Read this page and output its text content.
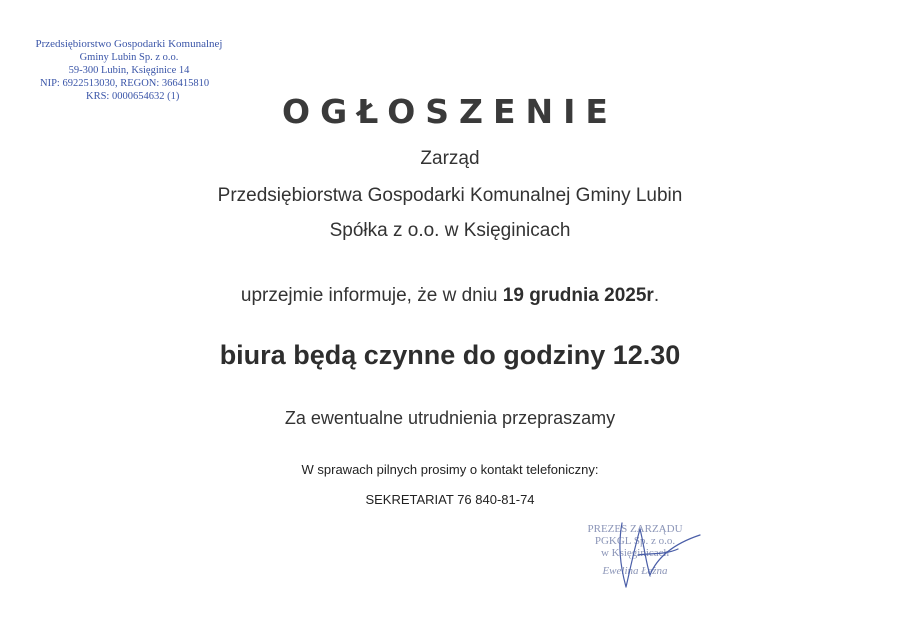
Przedsiębiorstwo Gospodarki Komunalnej
Gminy Lubin Sp. z o.o.
59-300 Lubin, Księginice 14
NIP: 6922513030, REGON: 366415810
KRS: 0000654632 (1)	OGŁOSZENIE
Zarząd
Przedsiębiorstwa Gospodarki Komunalnej Gminy Lubin
Spółka z o.o. w Księginicach
uprzejmie informuje, że w dniu 19 grudnia 2025r.
biura będą czynne do godziny 12.30
Za ewentualne utrudnienia przepraszamy
W sprawach pilnych prosimy o kontakt telefoniczny:
SEKRETARIAT 76 840-81-74
PREZES ZARZĄDU
PGKGL Sp. z o.o.
w Księginicach
Ewelina Łężna
